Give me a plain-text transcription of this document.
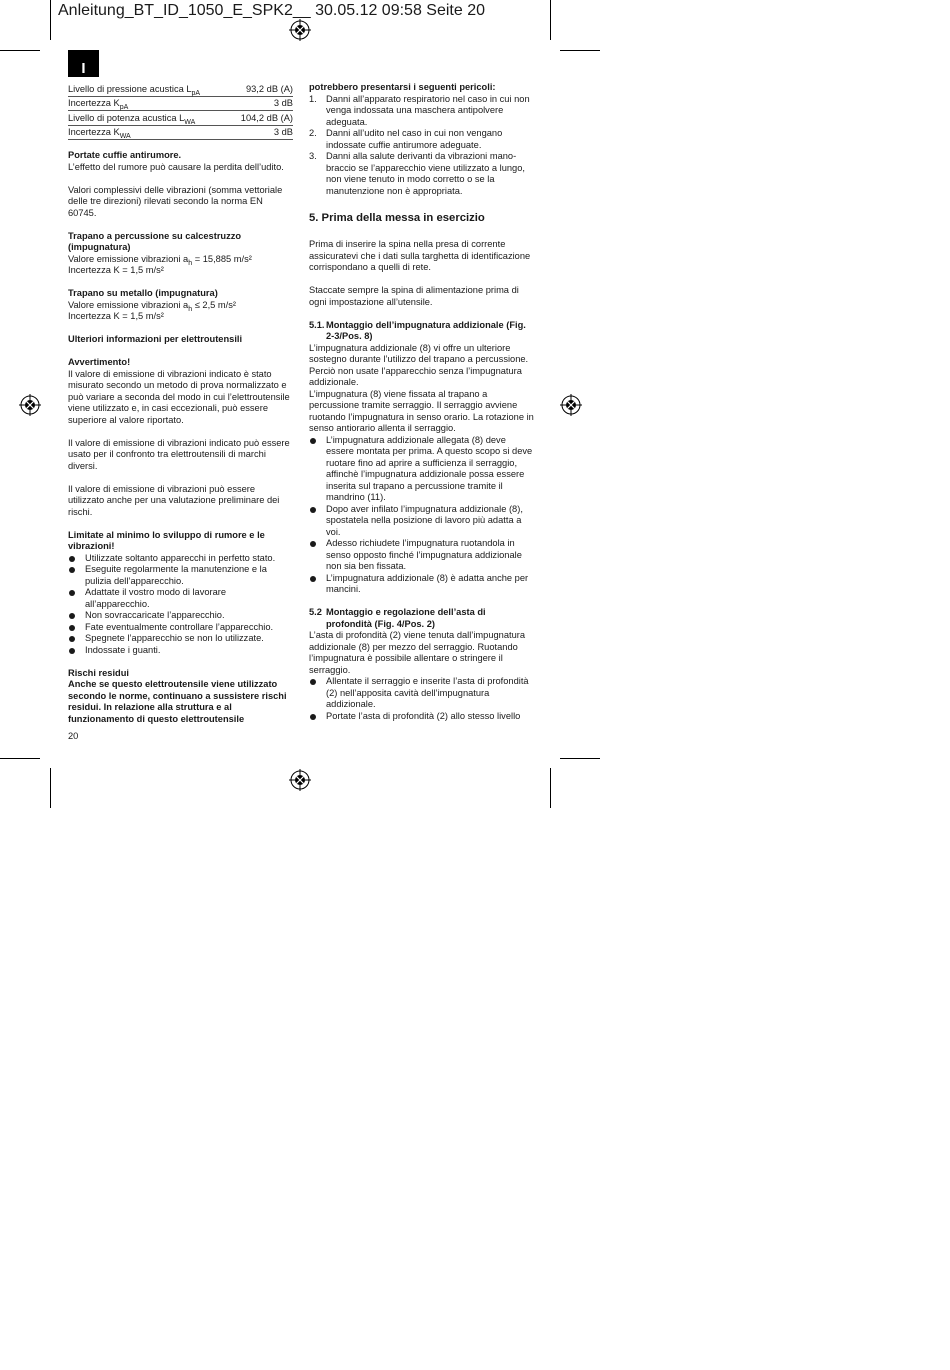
Anleitung_BT_ID_1050_E_SPK2__ 30.05.12 09:58 Seite 20
I
Livello di pressione acustica $L_{pA}$	93,2 dB (A)
Incertezza $K_{pA}$	3 dB
Livello di potenza acustica $L_{WA}$	104,2 dB (A)
Incertezza $K_{WA}$	3 dB
Portate cuffie antirumore.

L’effetto del rumore può causare la perdita dell’udito.

Valori complessivi delle vibrazioni (somma vettoriale delle tre direzioni) rilevati secondo la norma EN 60745.

Trapano a percussione su calcestruzzo (impugnatura)
Valore emissione vibrazioni $a_h = 15,885$ m/s²

Incertezza K = 1,5 m/s²

Trapano su metallo (impugnatura)
Valore emissione vibrazioni $a_h \le 2,5$ m/s²

Incertezza K = 1,5 m/s²

Ulteriori informazioni per elettroutensili

Avvertimento!

Il valore di emissione di vibrazioni indicato è stato misurato secondo un metodo di prova normalizzato e può variare a seconda del modo in cui l’elettroutensile viene utilizzato e, in casi eccezionali, può essere superiore al valore riportato.

Il valore di emissione di vibrazioni indicato può essere usato per il confronto tra elettroutensili di marchi diversi.

Il valore di emissione di vibrazioni può essere utilizzato anche per una valutazione preliminare dei rischi.

Limitate al minimo lo sviluppo di rumore e le vibrazioni!
Utilizzate soltanto apparecchi in perfetto stato.
Eseguite regolarmente la manutenzione e la pulizia dell’apparecchio.
Adattate il vostro modo di lavorare all’apparecchio.
Non sovraccaricate l’apparecchio.
Fate eventualmente controllare l’apparecchio.
Spegnete l’apparecchio se non lo utilizzate.
Indossate i guanti.
Rischi residui

Anche se questo elettroutensile viene utilizzato secondo le norme, continuano a sussistere rischi residui. In relazione alla struttura e al funzionamento di questo elettroutensile

20
potrebbero presentarsi i seguenti pericoli:
1. Danni all’apparato respiratorio nel caso in cui non venga indossata una maschera antipolvere adeguata.
2. Danni all’udito nel caso in cui non vengano indossate cuffie antirumore adeguate.
3. Danni alla salute derivanti da vibrazioni mano-braccio se l’apparecchio viene utilizzato a lungo, non viene tenuto in modo corretto o se la manutenzione non è appropriata.
5. Prima della messa in esercizio

Prima di inserire la spina nella presa di corrente assicuratevi che i dati sulla targhetta di identificazione corrispondano a quelli di rete.

Staccate sempre la spina di alimentazione prima di ogni impostazione all’utensile.

5.1. Montaggio dell’impugnatura addizionale (Fig. 2-3/Pos. 8)
L’impugnatura addizionale (8) vi offre un ulteriore sostegno durante l’utilizzo del trapano a percussione. Perciò non usate l’apparecchio senza l’impugnatura addizionale.
L’impugnatura (8) viene fissata al trapano a percussione tramite serraggio. Il serraggio avviene ruotando l’impugnatura in senso orario. La rotazione in senso antiorario allenta il serraggio.
L’impugnatura addizionale allegata (8) deve essere montata per prima. A questo scopo si deve ruotare fino ad aprire a sufficienza il serraggio, affinchè l’impugnatura addizionale possa essere inserita sul trapano a percussione tramite il mandrino (11).
Dopo aver infilato l’impugnatura addizionale (8), spostatela nella posizione di lavoro più adatta a voi.
Adesso richiudete l’impugnatura ruotandola in senso opposto finché l’impugnatura addizionale non sia ben fissata.
L’impugnatura addizionale (8) è adatta anche per mancini.
5.2 Montaggio e regolazione dell’asta di profondità (Fig. 4/Pos. 2)
L’asta di profondità (2) viene tenuta dall’impugnatura addizionale (8) per mezzo del serraggio. Ruotando l’impugnatura è possibile allentare o stringere il serraggio.
Allentate il serraggio e inserite l’asta di profondità (2) nell’apposita cavità dell’impugnatura addizionale.
Portate l’asta di profondità (2) allo stesso livello
